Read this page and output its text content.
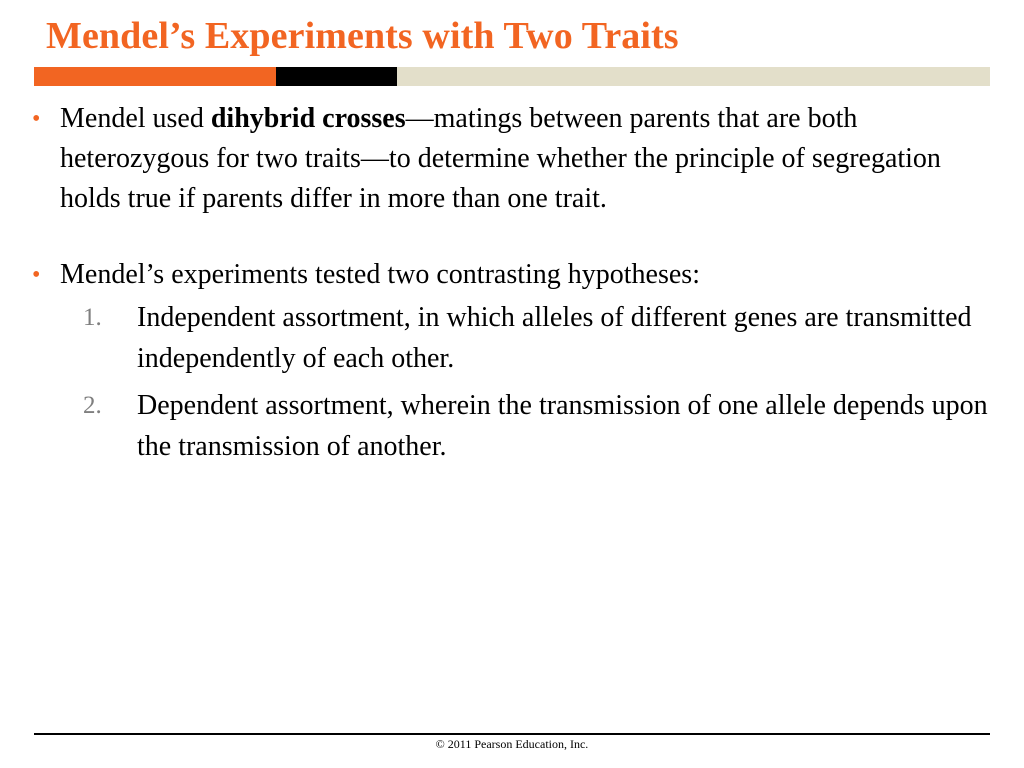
Mendel’s Experiments with Two Traits
• Mendel used dihybrid crosses—matings between parents that are both heterozygous for two traits—to determine whether the principle of segregation holds true if parents differ in more than one trait.
• Mendel’s experiments tested two contrasting hypotheses:
1. Independent assortment, in which alleles of different genes are transmitted independently of each other.
2. Dependent assortment, wherein the transmission of one allele depends upon the transmission of another.
© 2011 Pearson Education, Inc.
